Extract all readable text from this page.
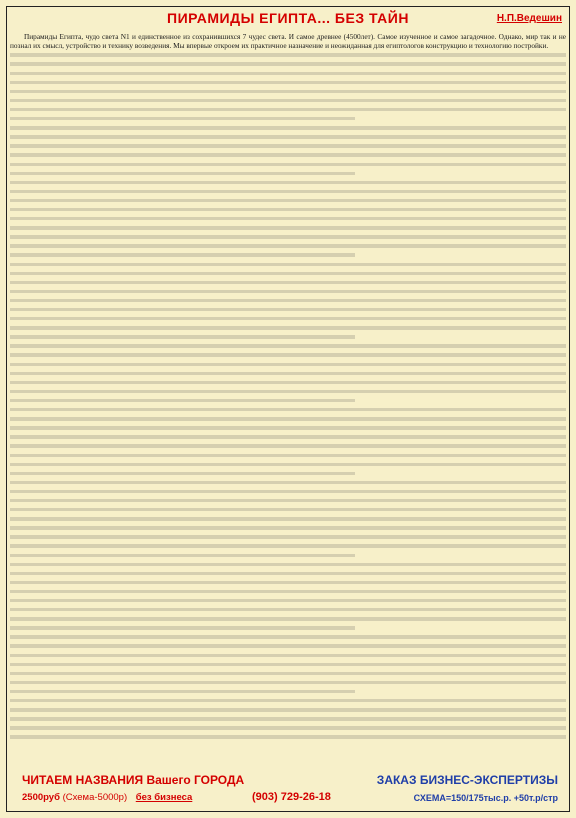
ПИРАМИДЫ ЕГИПТА... БЕЗ ТАЙН	Н.П.Ведешин

Пирамиды Египта, чудо света N1 и единственное из сохранившихся 7 чудес света. И самое древнее (4500лет). Самое изученное и самое загадочное. Однако, мир так и не познал их смысл, устройство и технику возведения. Мы впервые откроем их практичное назначение и неожиданная для египтологов конструкцию и технологию постройки.

ЧИТАЕМ НАЗВАНИЯ Вашего ГОРОДА
2500руб (Схема-5000р) без бизнеса	(903) 729-26-18
ЗАКАЗ БИЗНЕС-ЭКСПЕРТИЗЫ
СХЕМА=150/175тыс.р. +50т.р/стр
